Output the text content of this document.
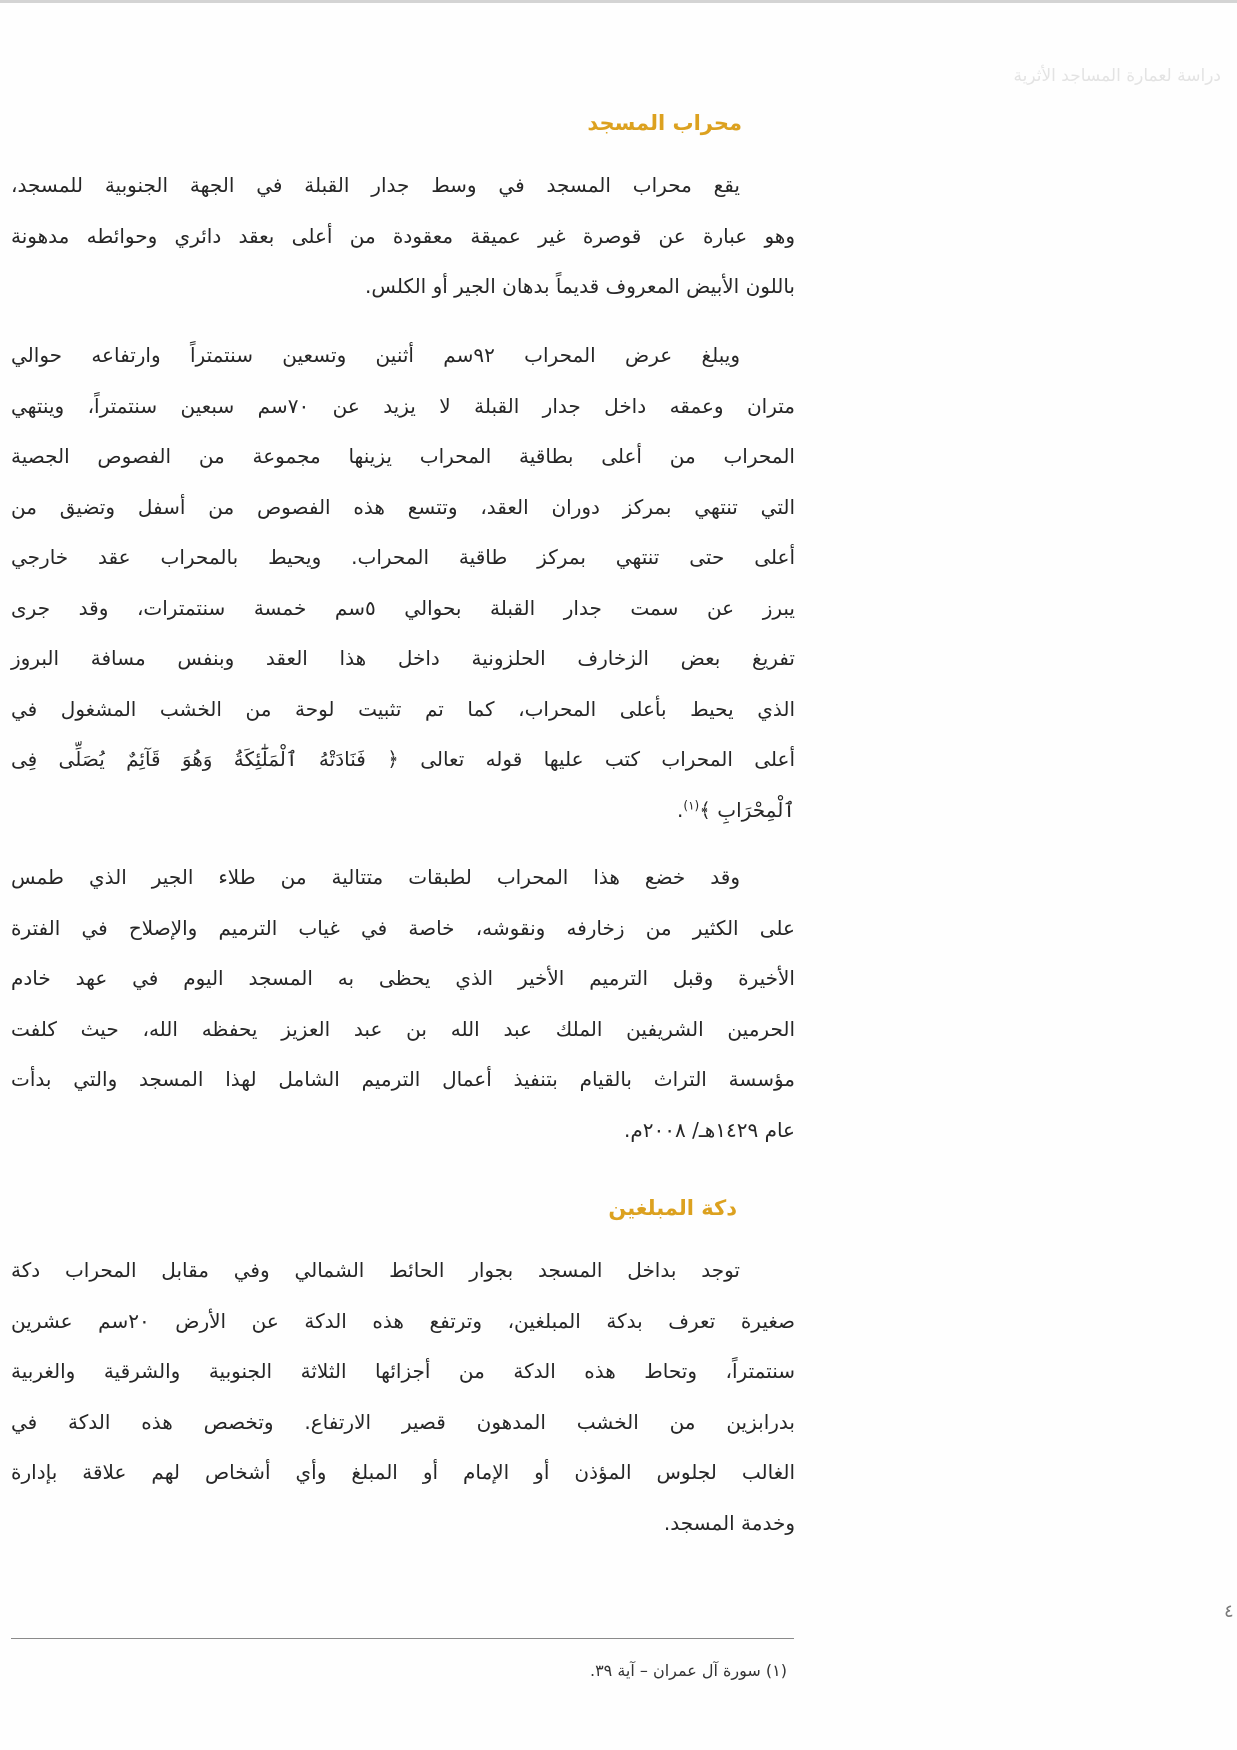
دراسة لعمارة المساجد الأثرية
محراب المسجد
يقع محراب المسجد في وسط جدار القبلة في الجهة الجنوبية للمسجد،
وهو عبارة عن قوصرة غير عميقة معقودة من أعلى بعقد دائري وحوائطه مدهونة
باللون الأبيض المعروف قديماً بدهان الجير أو الكلس.
ويبلغ عرض المحراب ٩٢سم أثنين وتسعين سنتمتراً وارتفاعه حوالي
متران وعمقه داخل جدار القبلة لا يزيد عن ٧٠سم سبعين سنتمتراً، وينتهي
المحراب من أعلى بطاقية المحراب يزينها مجموعة من الفصوص الجصية
التي تنتهي بمركز دوران العقد، وتتسع هذه الفصوص من أسفل وتضيق من
أعلى حتى تنتهي بمركز طاقية المحراب. ويحيط بالمحراب عقد خارجي
يبرز عن سمت جدار القبلة بحوالي ٥سم خمسة سنتمترات، وقد جرى
تفريغ بعض الزخارف الحلزونية داخل هذا العقد وبنفس مسافة البروز
الذي يحيط بأعلى المحراب، كما تم تثبيت لوحة من الخشب المشغول في
أعلى المحراب كتب عليها قوله تعالى ﴿ فَنَادَتْهُ ٱلْمَلَٰٓئِكَةُ وَهُوَ قَآئِمٌ يُصَلِّى فِى
ٱلْمِحْرَابِ ﴾$^{(١)}$.
وقد خضع هذا المحراب لطبقات متتالية من طلاء الجير الذي طمس
على الكثير من زخارفه ونقوشه، خاصة في غياب الترميم والإصلاح في الفترة
الأخيرة وقبل الترميم الأخير الذي يحظى به المسجد اليوم في عهد خادم
الحرمين الشريفين الملك عبد الله بن عبد العزيز يحفظه الله، حيث كلفت
مؤسسة التراث بالقيام بتنفيذ أعمال الترميم الشامل لهذا المسجد والتي بدأت
عام ١٤٢٩هـ/ ٢٠٠٨م.
دكة المبلغين
توجد بداخل المسجد بجوار الحائط الشمالي وفي مقابل المحراب دكة
صغيرة تعرف بدكة المبلغين، وترتفع هذه الدكة عن الأرض ٢٠سم عشرين
سنتمتراً، وتحاط هذه الدكة من أجزائها الثلاثة الجنوبية والشرقية والغربية
بدرابزين من الخشب المدهون قصير الارتفاع. وتخصص هذه الدكة في
الغالب لجلوس المؤذن أو الإمام أو المبلغ وأي أشخاص لهم علاقة بإدارة
وخدمة المسجد.
(١) سورة آل عمران – آية ٣٩.
٤
